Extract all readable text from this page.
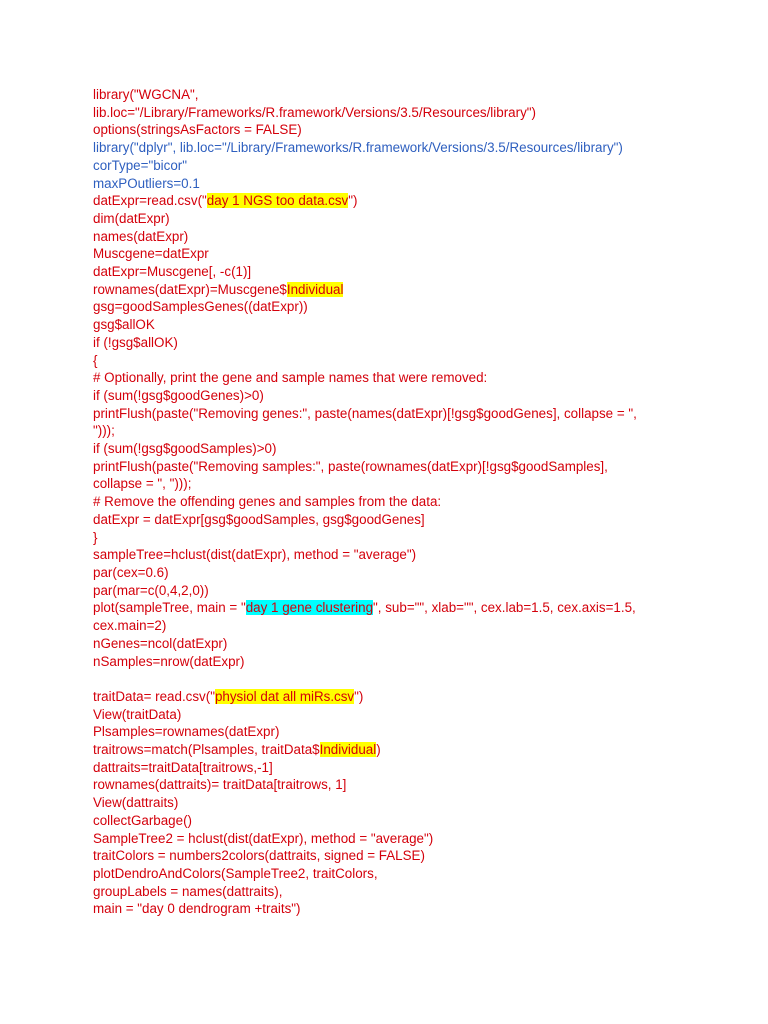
library("WGCNA",
lib.loc="/Library/Frameworks/R.framework/Versions/3.5/Resources/library")
options(stringsAsFactors = FALSE)
library("dplyr", lib.loc="/Library/Frameworks/R.framework/Versions/3.5/Resources/library")
corType="bicor"
maxPOutliers=0.1
datExpr=read.csv("day 1 NGS too data.csv")
dim(datExpr)
names(datExpr)
Muscgene=datExpr
datExpr=Muscgene[, -c(1)]
rownames(datExpr)=Muscgene$Individual
gsg=goodSamplesGenes((datExpr))
gsg$allOK
if (!gsg$allOK)
{
# Optionally, print the gene and sample names that were removed:
if (sum(!gsg$goodGenes)>0)
printFlush(paste("Removing genes:", paste(names(datExpr)[!gsg$goodGenes], collapse = ",
")));
if (sum(!gsg$goodSamples)>0)
printFlush(paste("Removing samples:", paste(rownames(datExpr)[!gsg$goodSamples],
collapse = ", ")));
# Remove the offending genes and samples from the data:
datExpr = datExpr[gsg$goodSamples, gsg$goodGenes]
}
sampleTree=hclust(dist(datExpr), method = "average")
par(cex=0.6)
par(mar=c(0,4,2,0))
plot(sampleTree, main = "day 1 gene clustering", sub="", xlab="", cex.lab=1.5, cex.axis=1.5,
cex.main=2)
nGenes=ncol(datExpr)
nSamples=nrow(datExpr)
traitData= read.csv("physiol dat all miRs.csv")
View(traitData)
Plsamples=rownames(datExpr)
traitrows=match(Plsamples, traitData$Individual)
dattraits=traitData[traitrows,-1]
rownames(dattraits)= traitData[traitrows, 1]
View(dattraits)
collectGarbage()
SampleTree2 = hclust(dist(datExpr), method = "average")
traitColors = numbers2colors(dattraits, signed = FALSE)
plotDendroAndColors(SampleTree2, traitColors,
groupLabels = names(dattraits),
main = "day 0 dendrogram +traits")
